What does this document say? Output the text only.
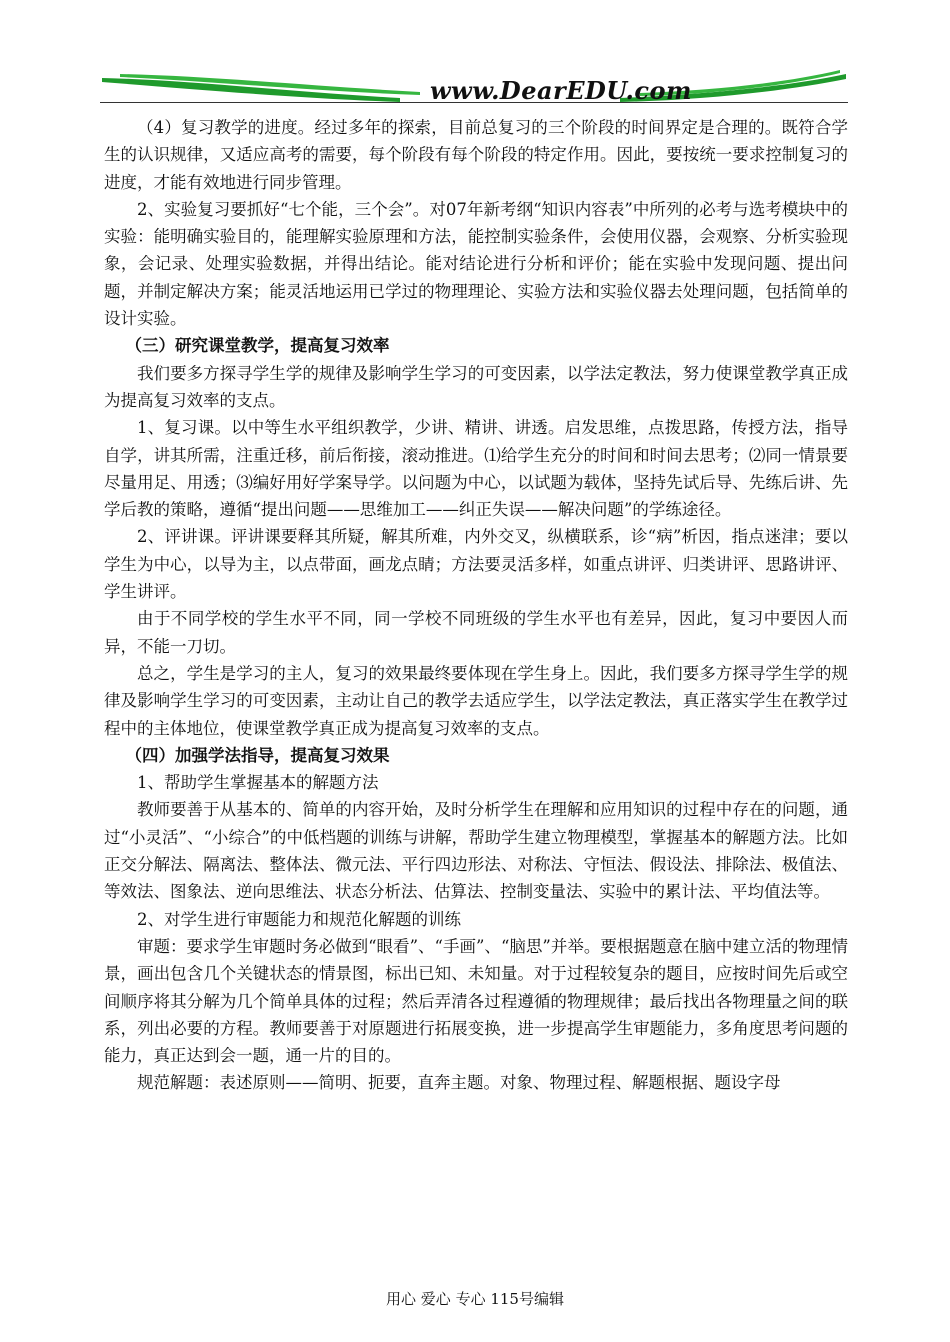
www.DearEDU.com

（4）复习教学的进度。经过多年的探索，目前总复习的三个阶段的时间界定是合理的。既符合学生的认识规律，又适应高考的需要，每个阶段有每个阶段的特定作用。因此，要按统一要求控制复习的进度，才能有效地进行同步管理。

2、实验复习要抓好“七个能，三个会”。对07年新考纲“知识内容表”中所列的必考与选考模块中的实验：能明确实验目的，能理解实验原理和方法，能控制实验条件，会使用仪器，会观察、分析实验现象，会记录、处理实验数据，并得出结论。能对结论进行分析和评价；能在实验中发现问题、提出问题，并制定解决方案；能灵活地运用已学过的物理理论、实验方法和实验仪器去处理问题，包括简单的设计实验。

（三）研究课堂教学，提高复习效率

我们要多方探寻学生学的规律及影响学生学习的可变因素，以学法定教法，努力使课堂教学真正成为提高复习效率的支点。

1、复习课。以中等生水平组织教学，少讲、精讲、讲透。启发思维，点拨思路，传授方法，指导自学，讲其所需，注重迁移，前后衔接，滚动推进。⑴给学生充分的时间和时间去思考；⑵同一情景要尽量用足、用透；⑶编好用好学案导学。以问题为中心，以试题为载体，坚持先试后导、先练后讲、先学后教的策略，遵循“提出问题——思维加工——纠正失误——解决问题”的学练途径。

2、评讲课。评讲课要释其所疑，解其所难，内外交叉，纵横联系，诊“病”析因，指点迷津；要以学生为中心，以导为主，以点带面，画龙点睛；方法要灵活多样，如重点讲评、归类讲评、思路讲评、学生讲评。

由于不同学校的学生水平不同，同一学校不同班级的学生水平也有差异，因此，复习中要因人而异，不能一刀切。

总之，学生是学习的主人，复习的效果最终要体现在学生身上。因此，我们要多方探寻学生学的规律及影响学生学习的可变因素，主动让自己的教学去适应学生，以学法定教法，真正落实学生在教学过程中的主体地位，使课堂教学真正成为提高复习效率的支点。

（四）加强学法指导，提高复习效果

1、帮助学生掌握基本的解题方法

教师要善于从基本的、简单的内容开始，及时分析学生在理解和应用知识的过程中存在的问题，通过“小灵活”、“小综合”的中低档题的训练与讲解，帮助学生建立物理模型，掌握基本的解题方法。比如正交分解法、隔离法、整体法、微元法、平行四边形法、对称法、守恒法、假设法、排除法、极值法、等效法、图象法、逆向思维法、状态分析法、估算法、控制变量法、实验中的累计法、平均值法等。

2、对学生进行审题能力和规范化解题的训练

审题：要求学生审题时务必做到“眼看”、“手画”、“脑思”并举。要根据题意在脑中建立活的物理情景，画出包含几个关键状态的情景图，标出已知、未知量。对于过程较复杂的题目，应按时间先后或空间顺序将其分解为几个简单具体的过程；然后弄清各过程遵循的物理规律；最后找出各物理量之间的联系，列出必要的方程。教师要善于对原题进行拓展变换，进一步提高学生审题能力，多角度思考问题的能力，真正达到会一题，通一片的目的。

规范解题：表述原则——简明、扼要，直奔主题。对象、物理过程、解题根据、题设字母

用心 爱心 专心 115号编辑
